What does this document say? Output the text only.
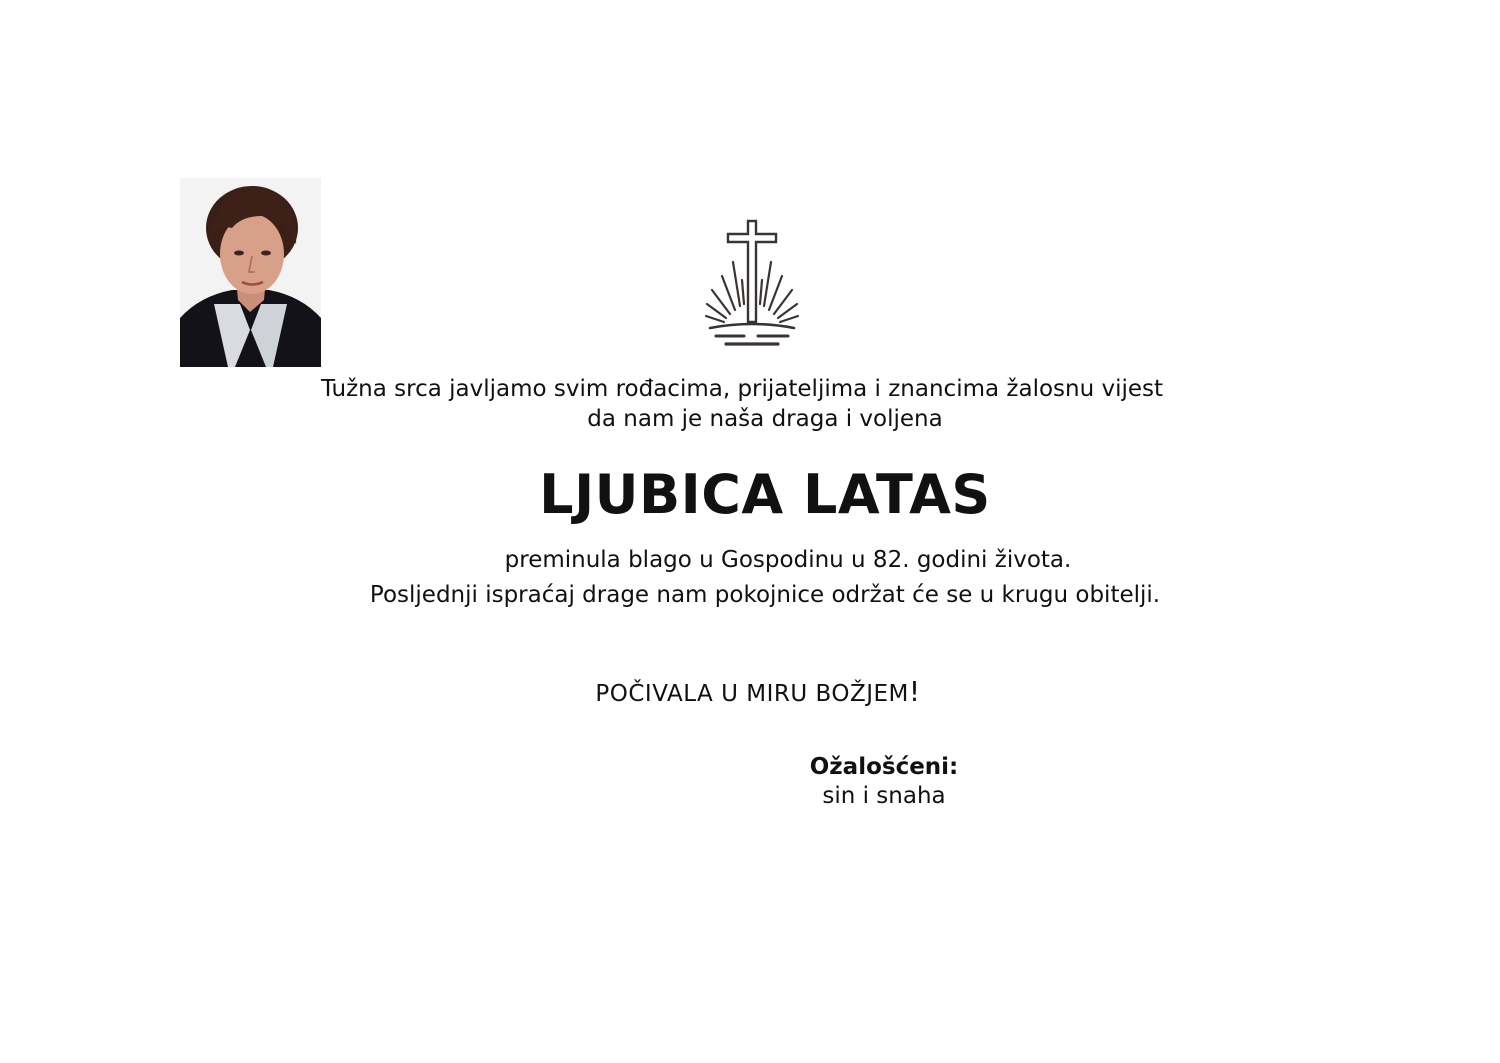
Tužna srca javljamo svim rođacima, prijateljima i znancima žalosnu vijest
da nam je naša draga i voljena
LJUBICA LATAS
preminula blago u Gospodinu u 82. godini života.
Posljednji ispraćaj drage nam pokojnice održat će se u krugu obitelji.
POČIVALA U MIRU BOŽJEM!
Ožalošćeni:
sin i snaha
